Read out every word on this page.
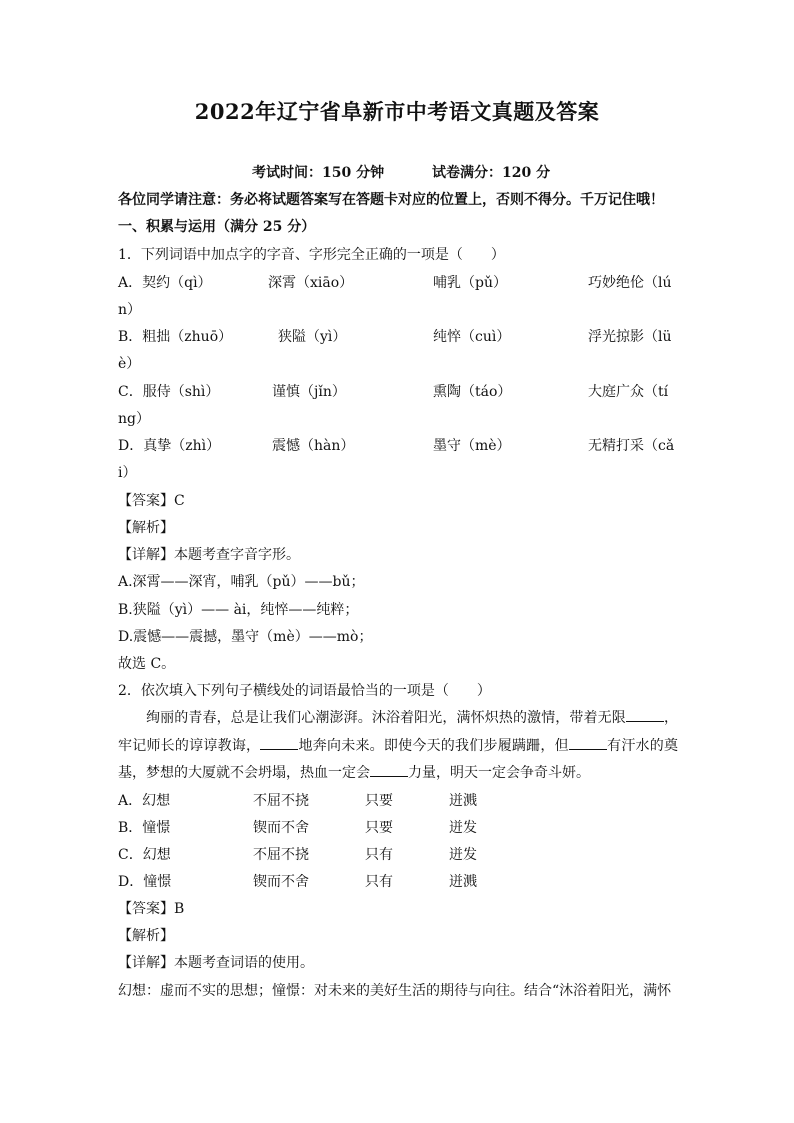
2022年辽宁省阜新市中考语文真题及答案
考试时间：150 分钟	试卷满分：120 分
各位同学请注意：务必将试题答案写在答题卡对应的位置上，否则不得分。千万记住哦！
一、积累与运用（满分 25 分）
1．下列词语中加点字的字音、字形完全正确的一项是（　　）
A．契约（qì）	深霄（xiāo）	哺乳（pǔ）	巧妙绝伦（lú
n）
B．粗拙（zhuō）	狭隘（yì）	纯悴（cuì）	浮光掠影（lü
è）
C．服侍（shì）	谨慎（jǐn）	熏陶（táo）	大庭广众（tí
ng）
D．真挚（zhì）	震憾（hàn）	墨守（mè）	无精打采（cǎ
i）
【答案】C
【解析】
【详解】本题考查字音字形。
A.深霄——深宵，哺乳（pǔ）——bǔ；
B.狭隘（yì）—— ài，纯悴——纯粹；
D.震憾——震撼，墨守（mè）——mò；
故选 C。
2．依次填入下列句子横线处的词语最恰当的一项是（　　）
绚丽的青春，总是让我们心潮澎湃。沐浴着阳光，满怀炽热的激情，带着无限	，牢记师长的谆谆教诲，	地奔向未来。即使今天的我们步履蹒跚，但	有汗水的奠基，梦想的大厦就不会坍塌，热血一定会	力量，明天一定会争奇斗妍。
A．幻想	不屈不挠	只要	迸溅
B．憧憬	锲而不舍	只要	迸发
C．幻想	不屈不挠	只有	迸发
D．憧憬	锲而不舍	只有	迸溅
【答案】B
【解析】
【详解】本题考查词语的使用。
幻想：虚而不实的思想；憧憬：对未来的美好生活的期待与向往。结合“沐浴着阳光，满怀
